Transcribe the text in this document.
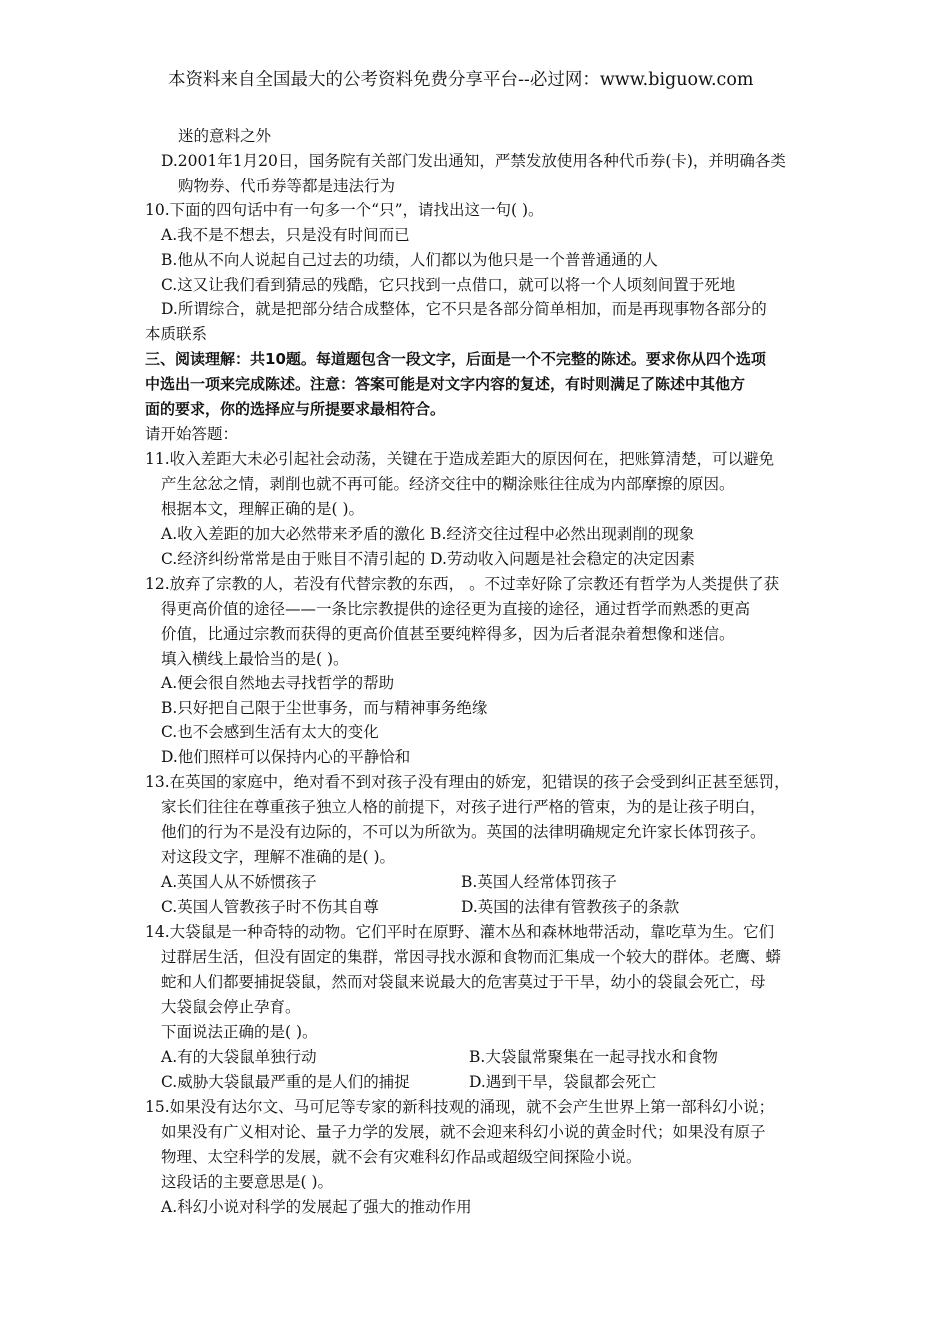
本资料来自全国最大的公考资料免费分享平台--必过网：www.biguow.com
迷的意料之外
D.2001年1月20日，国务院有关部门发出通知，严禁发放使用各种代币券(卡)，并明确各类
购物券、代币券等都是违法行为
10.下面的四句话中有一句多一个“只”，请找出这一句( )。
A.我不是不想去，只是没有时间而已
B.他从不向人说起自己过去的功绩，人们都以为他只是一个普普通通的人
C.这又让我们看到猜忌的残酷，它只找到一点借口，就可以将一个人顷刻间置于死地
D.所谓综合，就是把部分结合成整体，它不只是各部分简单相加，而是再现事物各部分的
本质联系
三、阅读理解：共10题。每道题包含一段文字，后面是一个不完整的陈述。要求你从四个选项
中选出一项来完成陈述。注意：答案可能是对文字内容的复述，有时则满足了陈述中其他方
面的要求，你的选择应与所提要求最相符合。
请开始答题：
11.收入差距大未必引起社会动荡，关键在于造成差距大的原因何在，把账算清楚，可以避免
产生忿忿之情，剥削也就不再可能。经济交往中的糊涂账往往成为内部摩擦的原因。
根据本文，理解正确的是( )。
A.收入差距的加大必然带来矛盾的激化 B.经济交往过程中必然出现剥削的现象
C.经济纠纷常常是由于账目不清引起的 D.劳动收入问题是社会稳定的决定因素
12.放弃了宗教的人，若没有代替宗教的东西， 。不过幸好除了宗教还有哲学为人类提供了获
得更高价值的途径——一条比宗教提供的途径更为直接的途径，通过哲学而熟悉的更高
价值，比通过宗教而获得的更高价值甚至要纯粹得多，因为后者混杂着想像和迷信。
填入横线上最恰当的是( )。
A.便会很自然地去寻找哲学的帮助
B.只好把自己限于尘世事务，而与精神事务绝缘
C.也不会感到生活有太大的变化
D.他们照样可以保持内心的平静恰和
13.在英国的家庭中，绝对看不到对孩子没有理由的娇宠，犯错误的孩子会受到纠正甚至惩罚，
家长们往往在尊重孩子独立人格的前提下，对孩子进行严格的管束，为的是让孩子明白，
他们的行为不是没有边际的，不可以为所欲为。英国的法律明确规定允许家长体罚孩子。
对这段文字，理解不准确的是( )。
A.英国人从不娇惯孩子	B.英国人经常体罚孩子
C.英国人管教孩子时不伤其自尊	D.英国的法律有管教孩子的条款
14.大袋鼠是一种奇特的动物。它们平时在原野、灌木丛和森林地带活动，靠吃草为生。它们
过群居生活，但没有固定的集群，常因寻找水源和食物而汇集成一个较大的群体。老鹰、蟒
蛇和人们都要捕捉袋鼠，然而对袋鼠来说最大的危害莫过于干旱，幼小的袋鼠会死亡，母
大袋鼠会停止孕育。
下面说法正确的是( )。
A.有的大袋鼠单独行动	B.大袋鼠常聚集在一起寻找水和食物
C.威胁大袋鼠最严重的是人们的捕捉	D.遇到干旱，袋鼠都会死亡
15.如果没有达尔文、马可尼等专家的新科技观的涌现，就不会产生世界上第一部科幻小说；
如果没有广义相对论、量子力学的发展，就不会迎来科幻小说的黄金时代；如果没有原子
物理、太空科学的发展，就不会有灾难科幻作品或超级空间探险小说。
这段话的主要意思是( )。
A.科幻小说对科学的发展起了强大的推动作用
